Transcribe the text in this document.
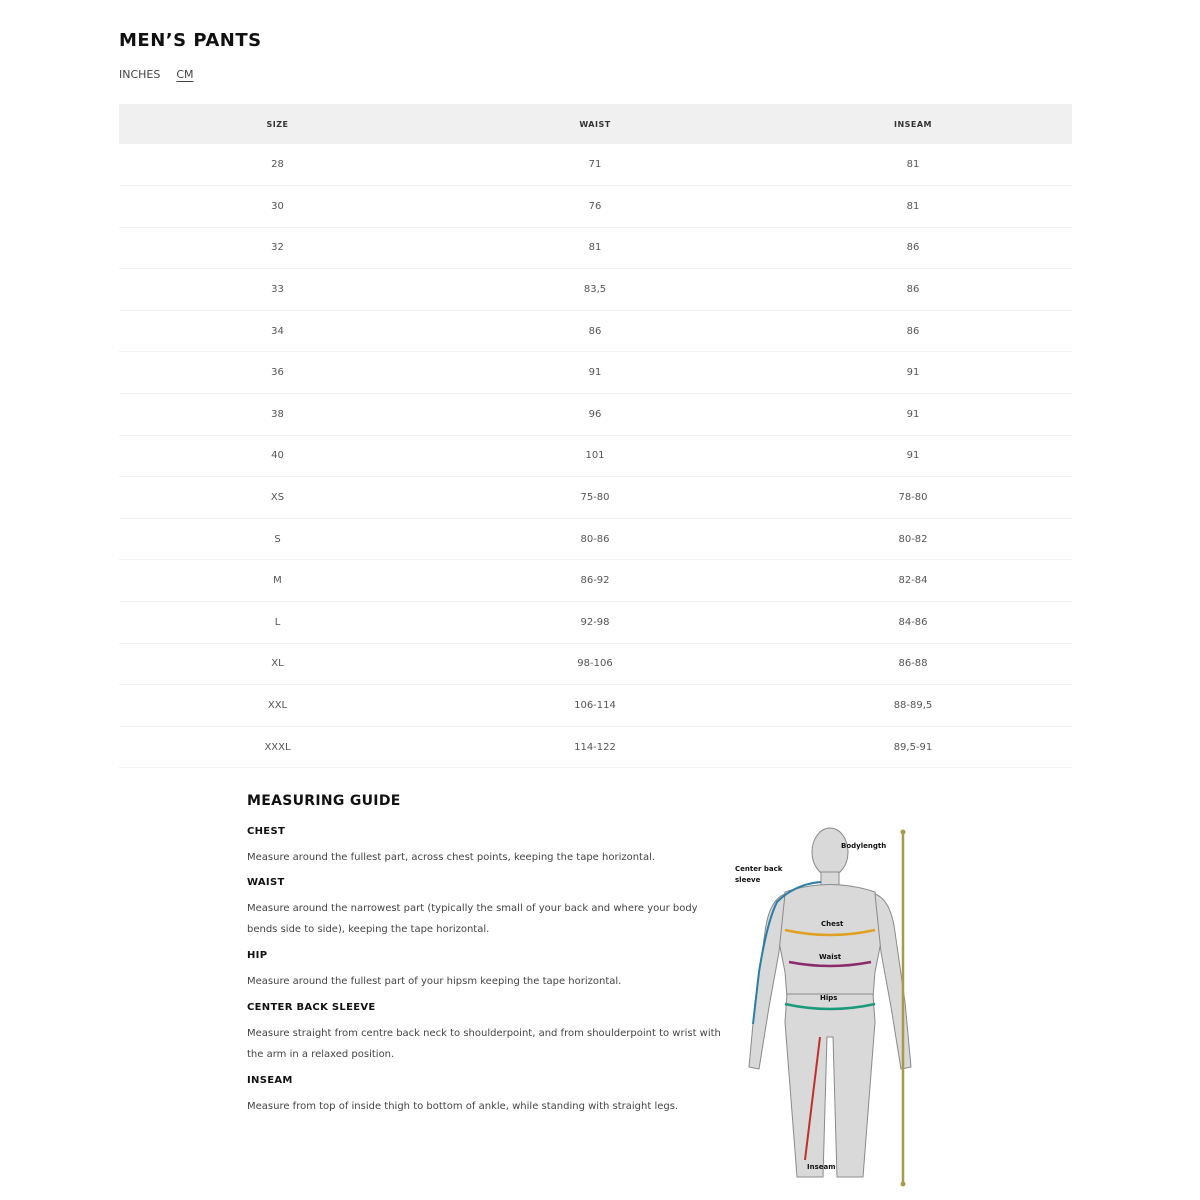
MEN’S PANTS
INCHES CM
SIZE	WAIST	INSEAM
28	71	81
30	76	81
32	81	86
33	83,5	86
34	86	86
36	91	91
38	96	91
40	101	91
XS	75-80	78-80
S	80-86	80-82
M	86-92	82-84
L	92-98	84-86
XL	98-106	86-88
XXL	106-114	88-89,5
XXXL	114-122	89,5-91
MEASURING GUIDE
CHEST
Measure around the fullest part, across chest points, keeping the tape horizontal.
WAIST
Measure around the narrowest part (typically the small of your back and where your body bends side to side), keeping the tape horizontal.
HIP
Measure around the fullest part of your hipsm keeping the tape horizontal.
CENTER BACK SLEEVE
Measure straight from centre back neck to shoulderpoint, and from shoulderpoint to wrist with the arm in a relaxed position.
INSEAM
Measure from top of inside thigh to bottom of ankle, while standing with straight legs.
Bodylength
Center back
sleeve
Chest
Waist
Hips
Inseam
